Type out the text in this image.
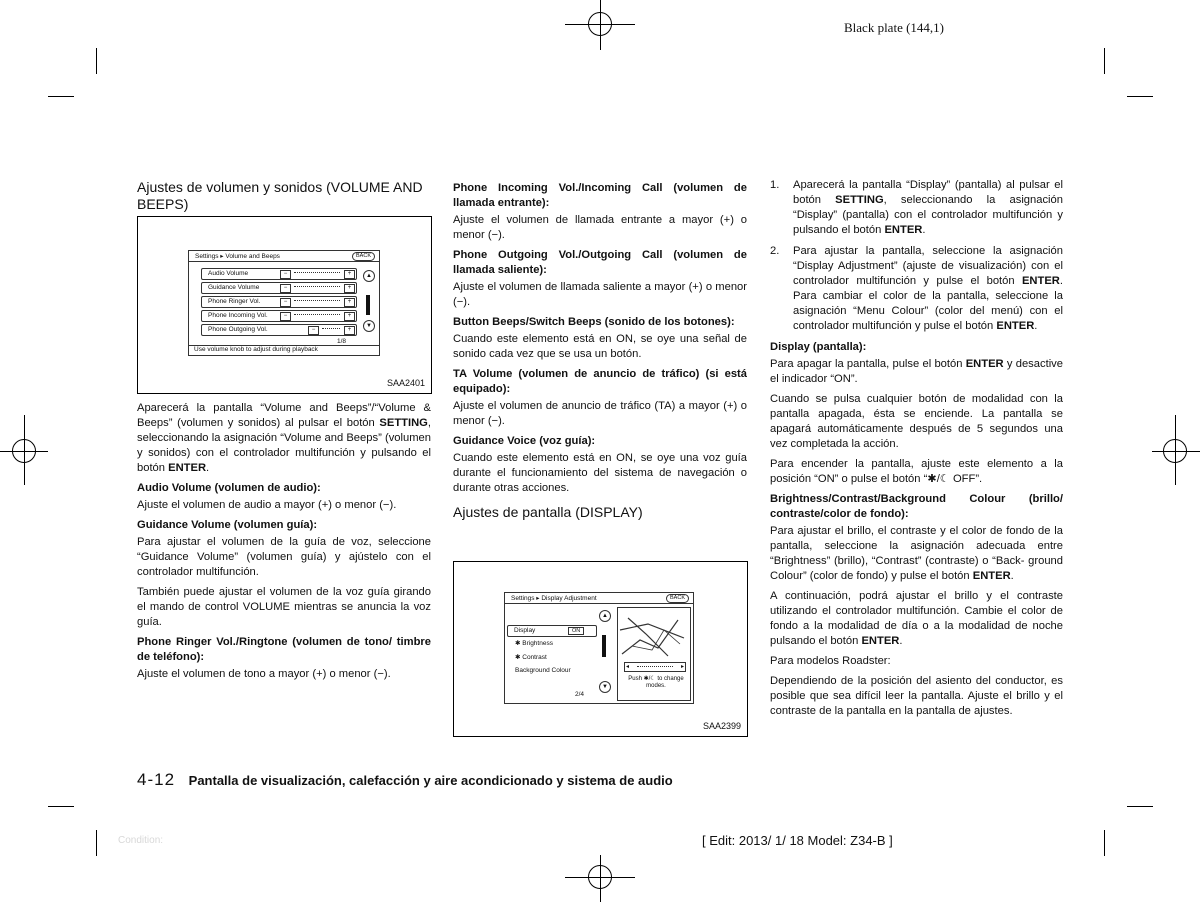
Black plate (144,1)
Ajustes de volumen y sonidos (VOLUME AND BEEPS)
Settings ▸ Volume and Beeps	BACK
Audio Volume	−	+
Guidance Volume	−	+
Phone Ringer Vol.	−	+
Phone Incoming Vol.	−	+
Phone Outgoing Vol.	−	+
▲
▼
1/8
Use volume knob to adjust during playback
SAA2401

Aparecerá la pantalla “Volume and Beeps”/“Volume & Beeps” (volumen y sonidos) al pulsar el botón SETTING, seleccionando la asignación “Volume and Beeps” (volumen y sonidos) con el controlador multifunción y pulsando el botón ENTER.

Audio Volume (volumen de audio):

Ajuste el volumen de audio a mayor (+) o menor (−).

Guidance Volume (volumen guía):

Para ajustar el volumen de la guía de voz, seleccione “Guidance Volume” (volumen guía) y ajústelo con el controlador multifunción.

También puede ajustar el volumen de la voz guía girando el mando de control VOLUME mientras se anuncia la voz guía.

Phone Ringer Vol./Ringtone (volumen de tono/ timbre de teléfono):

Ajuste el volumen de tono a mayor (+) o menor (−).

Phone Incoming Vol./Incoming Call (volumen de llamada entrante):

Ajuste el volumen de llamada entrante a mayor (+) o menor (−).

Phone Outgoing Vol./Outgoing Call (volumen de llamada saliente):

Ajuste el volumen de llamada saliente a mayor (+) o menor (−).

Button Beeps/Switch Beeps (sonido de los botones):

Cuando este elemento está en ON, se oye una señal de sonido cada vez que se usa un botón.

TA Volume (volumen de anuncio de tráfico) (si está equipado):

Ajuste el volumen de anuncio de tráfico (TA) a mayor (+) o menor (−).

Guidance Voice (voz guía):

Cuando este elemento está en ON, se oye una voz guía durante el funcionamiento del sistema de navegación o durante otras acciones.

Ajustes de pantalla (DISPLAY)
Settings ▸ Display Adjustment	BACK
Display	ON
✱ Brightness
✱ Contrast
Background Colour
2/4
▲
▼
◂	▸
Push ✱/☾ to change modes.
SAA2399
1. Aparecerá la pantalla “Display” (pantalla) al pulsar el botón SETTING, seleccionando la asignación “Display” (pantalla) con el controlador multifunción y pulsando el botón ENTER.
2. Para ajustar la pantalla, seleccione la asignación “Display Adjustment” (ajuste de visualización) con el controlador multifunción y pulse el botón ENTER. Para cambiar el color de la pantalla, seleccione la asignación “Menu Colour” (color del menú) con el controlador multifunción y pulse el botón ENTER.

Display (pantalla):

Para apagar la pantalla, pulse el botón ENTER y desactive el indicador “ON”.

Cuando se pulsa cualquier botón de modalidad con la pantalla apagada, ésta se enciende. La pantalla se apagará automáticamente después de 5 segundos una vez completada la acción.

Para encender la pantalla, ajuste este elemento a la posición “ON” o pulse el botón “✱/☾ OFF”.

Brightness/Contrast/Background Colour (brillo/ contraste/color de fondo):

Para ajustar el brillo, el contraste y el color de fondo de la pantalla, seleccione la asignación adecuada entre “Brightness” (brillo), “Contrast” (contraste) o “Back- ground Colour” (color de fondo) y pulse el botón ENTER.

A continuación, podrá ajustar el brillo y el contraste utilizando el controlador multifunción. Cambie el color de fondo a la modalidad de día o a la modalidad de noche pulsando el botón ENTER.

Para modelos Roadster:

Dependiendo de la posición del asiento del conductor, es posible que sea difícil leer la pantalla. Ajuste el brillo y el contraste de la pantalla en la pantalla de ajustes.

4-12 Pantalla de visualización, calefacción y aire acondicionado y sistema de audio
Condition:	[ Edit: 2013/ 1/ 18 Model: Z34-B ]
